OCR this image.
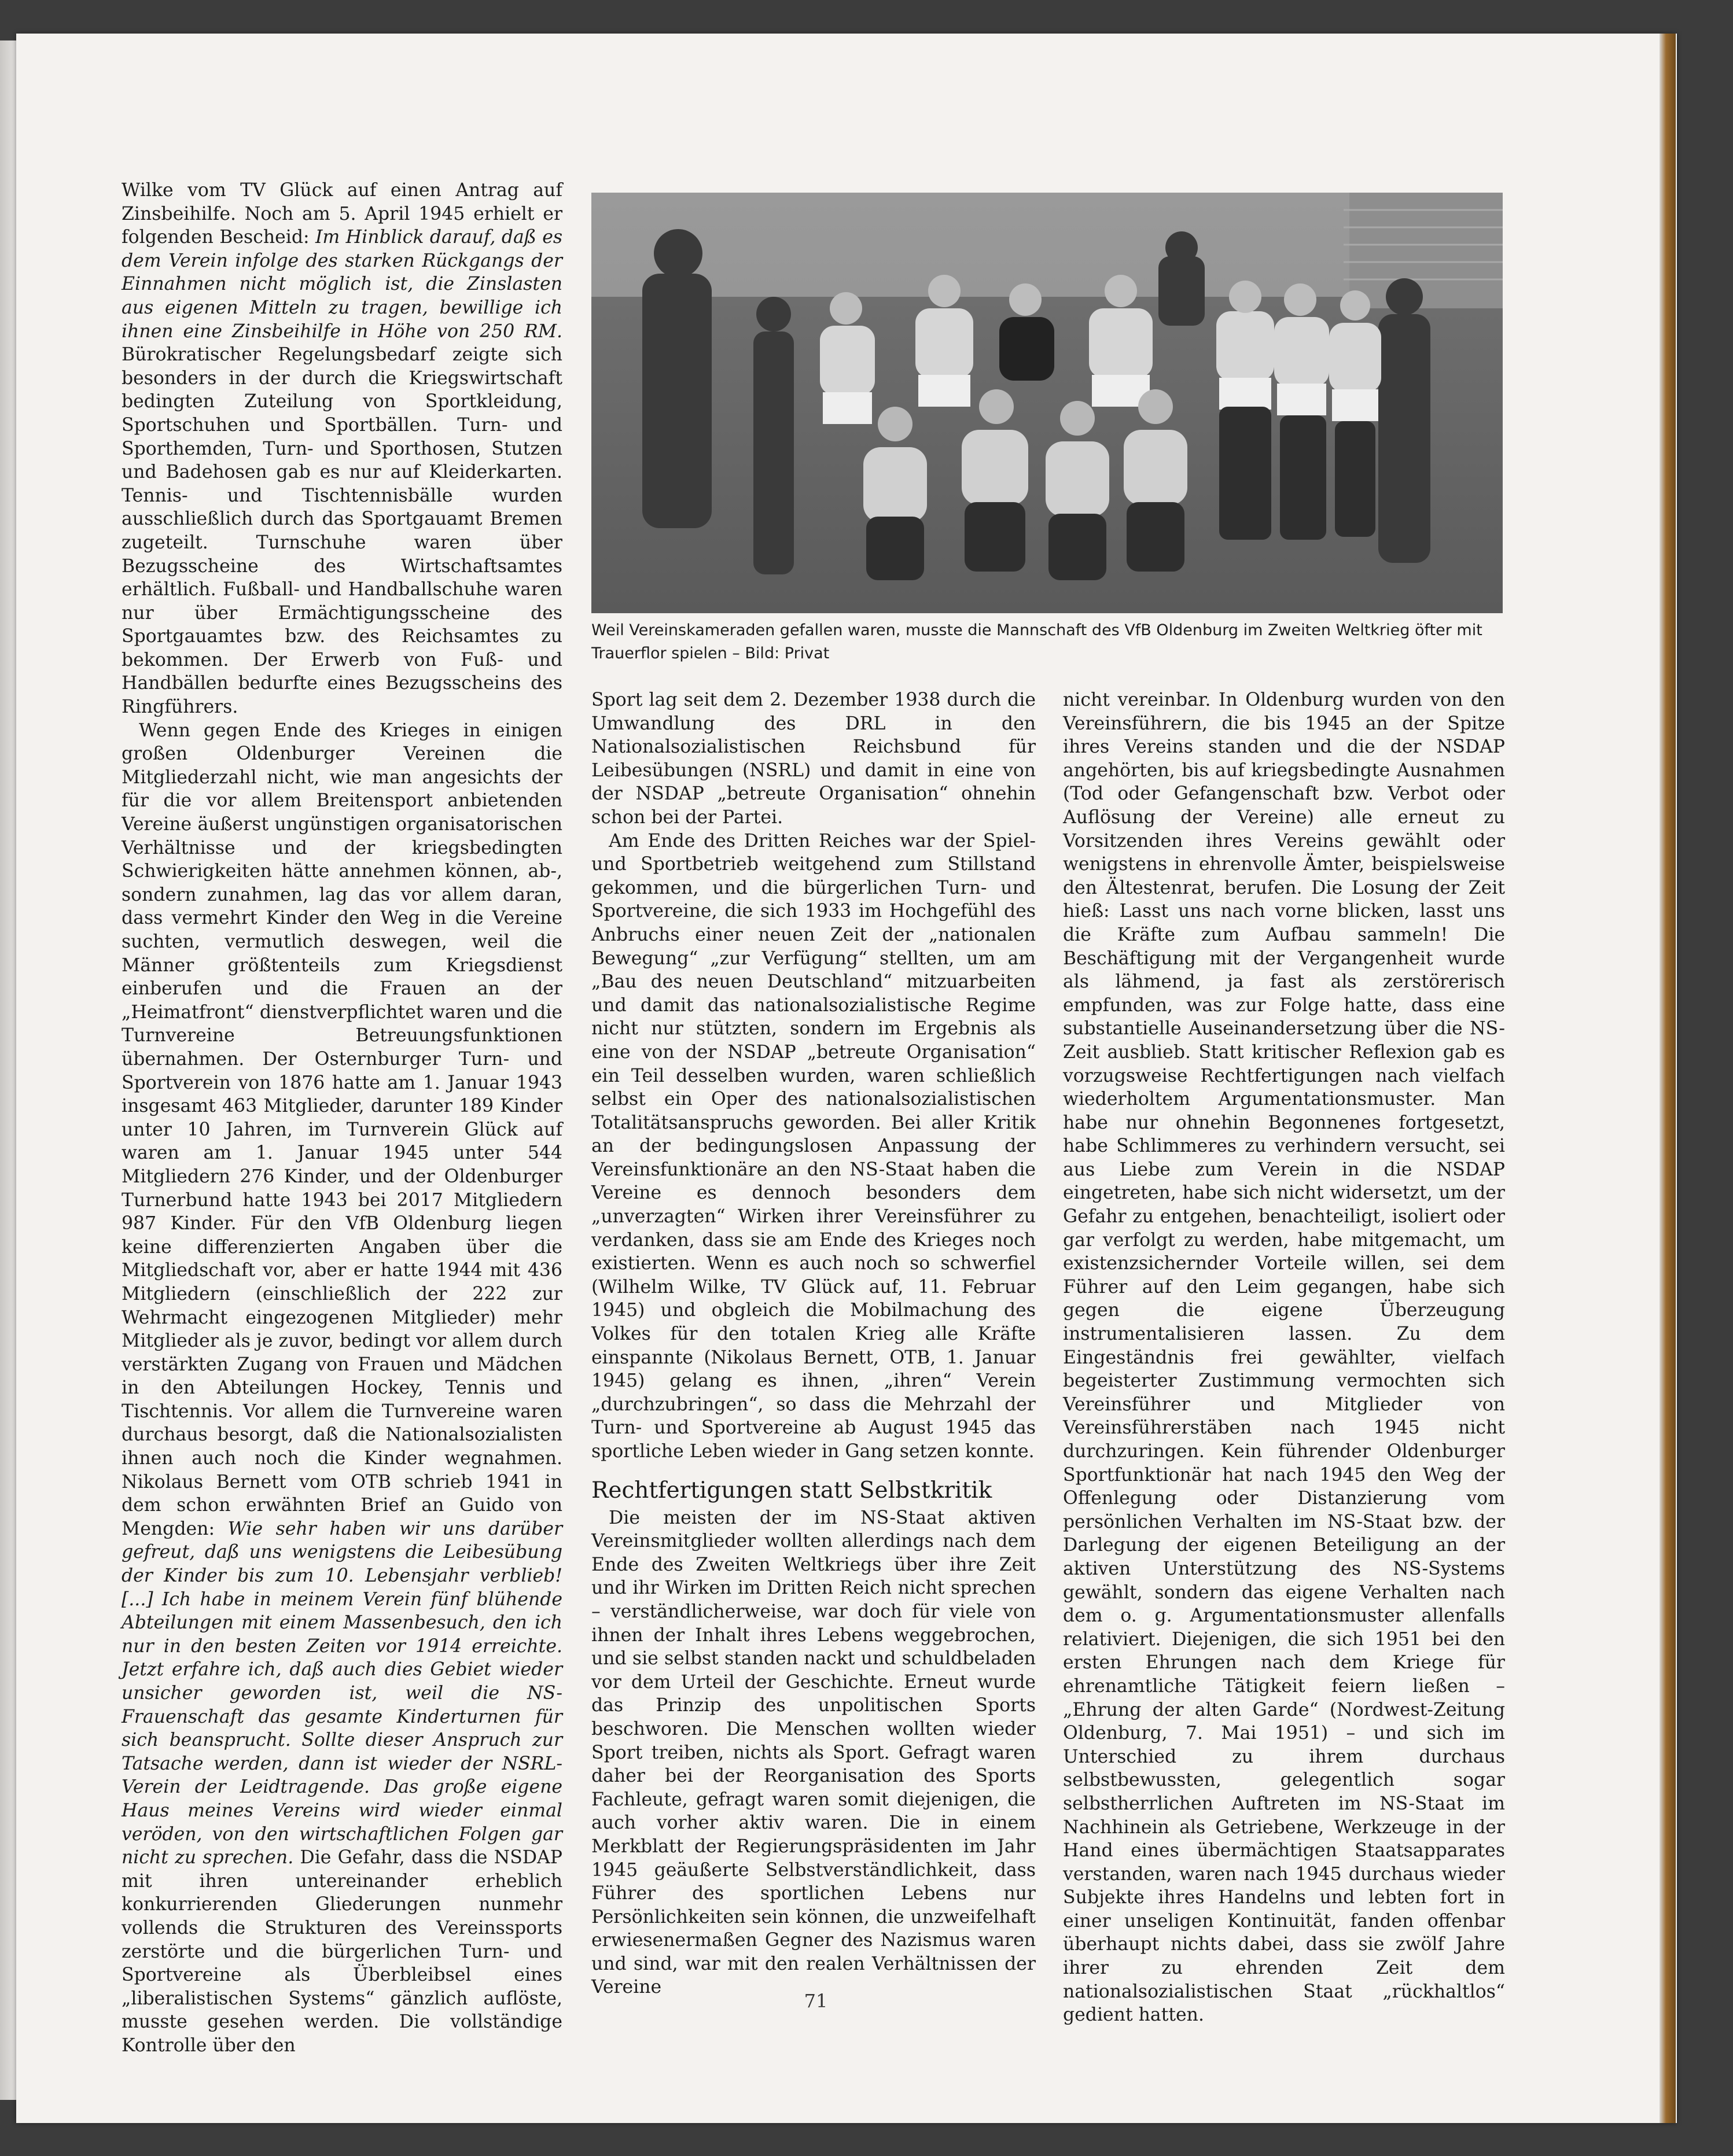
Wilke vom TV Glück auf einen Antrag auf Zinsbeihilfe. Noch am 5. April 1945 erhielt er folgenden Bescheid: Im Hinblick darauf, daß es dem Verein infolge des starken Rückgangs der Einnahmen nicht möglich ist, die Zinslasten aus eigenen Mitteln zu tragen, bewillige ich ihnen eine Zinsbeihilfe in Höhe von 250 RM. Bürokratischer Regelungsbedarf zeigte sich besonders in der durch die Kriegswirtschaft bedingten Zuteilung von Sportkleidung, Sportschuhen und Sportbällen. Turn- und Sporthemden, Turn- und Sporthosen, Stutzen und Badehosen gab es nur auf Kleiderkarten. Tennis- und Tischtennisbälle wurden ausschließlich durch das Sportgauamt Bremen zugeteilt. Turnschuhe waren über Bezugsscheine des Wirtschaftsamtes erhältlich. Fußball- und Handballschuhe waren nur über Ermächtigungsscheine des Sportgauamtes bzw. des Reichsamtes zu bekommen. Der Erwerb von Fuß- und Handbällen bedurfte eines Bezugsscheins des Ringführers.

Wenn gegen Ende des Krieges in einigen großen Oldenburger Vereinen die Mitgliederzahl nicht, wie man angesichts der für die vor allem Breitensport anbietenden Vereine äußerst ungünstigen organisatorischen Verhältnisse und der kriegsbedingten Schwierigkeiten hätte annehmen können, ab-, sondern zunahmen, lag das vor allem daran, dass vermehrt Kinder den Weg in die Vereine suchten, vermutlich deswegen, weil die Männer größtenteils zum Kriegsdienst einberufen und die Frauen an der „Heimatfront“ dienstverpflichtet waren und die Turnvereine Betreuungsfunktionen übernahmen. Der Osternburger Turn- und Sportverein von 1876 hatte am 1. Januar 1943 insgesamt 463 Mitglieder, darunter 189 Kinder unter 10 Jahren, im Turnverein Glück auf waren am 1. Januar 1945 unter 544 Mitgliedern 276 Kinder, und der Oldenburger Turnerbund hatte 1943 bei 2017 Mitgliedern 987 Kinder. Für den VfB Oldenburg liegen keine differenzierten Angaben über die Mitgliedschaft vor, aber er hatte 1944 mit 436 Mitgliedern (einschließlich der 222 zur Wehrmacht eingezogenen Mitglieder) mehr Mitglieder als je zuvor, bedingt vor allem durch verstärkten Zugang von Frauen und Mädchen in den Abteilungen Hockey, Tennis und Tischtennis. Vor allem die Turnvereine waren durchaus besorgt, daß die Nationalsozialisten ihnen auch noch die Kinder wegnahmen. Nikolaus Bernett vom OTB schrieb 1941 in dem schon erwähnten Brief an Guido von Mengden: Wie sehr haben wir uns darüber gefreut, daß uns wenigstens die Leibesübung der Kinder bis zum 10. Lebensjahr verblieb! [...] Ich habe in meinem Verein fünf blühende Abteilungen mit einem Massenbesuch, den ich nur in den besten Zeiten vor 1914 erreichte. Jetzt erfahre ich, daß auch dies Gebiet wieder unsicher geworden ist, weil die NS-Frauenschaft das gesamte Kinderturnen für sich beansprucht. Sollte dieser Anspruch zur Tatsache werden, dann ist wieder der NSRL-Verein der Leidtragende. Das große eigene Haus meines Vereins wird wieder einmal veröden, von den wirtschaftlichen Folgen gar nicht zu sprechen. Die Gefahr, dass die NSDAP mit ihren untereinander erheblich konkurrierenden Gliederungen nunmehr vollends die Strukturen des Vereinssports zerstörte und die bürgerlichen Turn- und Sportvereine als Überbleibsel eines „liberalistischen Systems“ gänzlich auflöste, musste gesehen werden. Die vollständige Kontrolle über den

Weil Vereinskameraden gefallen waren, musste die Mannschaft des VfB Oldenburg im Zweiten Weltkrieg öfter mit Trauerflor spielen – Bild: Privat

Sport lag seit dem 2. Dezember 1938 durch die Umwandlung des DRL in den Nationalsozialistischen Reichsbund für Leibesübungen (NSRL) und damit in eine von der NSDAP „betreute Organisation“ ohnehin schon bei der Partei.

Am Ende des Dritten Reiches war der Spiel- und Sportbetrieb weitgehend zum Stillstand gekommen, und die bürgerlichen Turn- und Sportvereine, die sich 1933 im Hochgefühl des Anbruchs einer neuen Zeit der „nationalen Bewegung“ „zur Verfügung“ stellten, um am „Bau des neuen Deutschland“ mitzuarbeiten und damit das nationalsozialistische Regime nicht nur stützten, sondern im Ergebnis als eine von der NSDAP „betreute Organisation“ ein Teil desselben wurden, waren schließlich selbst ein Oper des nationalsozialistischen Totalitätsanspruchs geworden. Bei aller Kritik an der bedingungslosen Anpassung der Vereinsfunktionäre an den NS-Staat haben die Vereine es dennoch besonders dem „unverzagten“ Wirken ihrer Vereinsführer zu verdanken, dass sie am Ende des Krieges noch existierten. Wenn es auch noch so schwerfiel (Wilhelm Wilke, TV Glück auf, 11. Februar 1945) und obgleich die Mobilmachung des Volkes für den totalen Krieg alle Kräfte einspannte (Nikolaus Bernett, OTB, 1. Januar 1945) gelang es ihnen, „ihren“ Verein „durchzubringen“, so dass die Mehrzahl der Turn- und Sportvereine ab August 1945 das sportliche Leben wieder in Gang setzen konnte.

Rechtfertigungen statt Selbstkritik

Die meisten der im NS-Staat aktiven Vereinsmitglieder wollten allerdings nach dem Ende des Zweiten Weltkriegs über ihre Zeit und ihr Wirken im Dritten Reich nicht sprechen – verständlicherweise, war doch für viele von ihnen der Inhalt ihres Lebens weggebrochen, und sie selbst standen nackt und schuldbeladen vor dem Urteil der Geschichte. Erneut wurde das Prinzip des unpolitischen Sports beschworen. Die Menschen wollten wieder Sport treiben, nichts als Sport. Gefragt waren daher bei der Reorganisation des Sports Fachleute, gefragt waren somit diejenigen, die auch vorher aktiv waren. Die in einem Merkblatt der Regierungspräsidenten im Jahr 1945 geäußerte Selbstverständlichkeit, dass Führer des sportlichen Lebens nur Persönlichkeiten sein können, die unzweifelhaft erwiesenermaßen Gegner des Nazismus waren und sind, war mit den realen Verhältnissen der Vereine

nicht vereinbar. In Oldenburg wurden von den Vereinsführern, die bis 1945 an der Spitze ihres Vereins standen und die der NSDAP angehörten, bis auf kriegsbedingte Ausnahmen (Tod oder Gefangenschaft bzw. Verbot oder Auflösung der Vereine) alle erneut zu Vorsitzenden ihres Vereins gewählt oder wenigstens in ehrenvolle Ämter, beispielsweise den Ältestenrat, berufen. Die Losung der Zeit hieß: Lasst uns nach vorne blicken, lasst uns die Kräfte zum Aufbau sammeln! Die Beschäftigung mit der Vergangenheit wurde als lähmend, ja fast als zerstörerisch empfunden, was zur Folge hatte, dass eine substantielle Auseinandersetzung über die NS-Zeit ausblieb. Statt kritischer Reflexion gab es vorzugsweise Rechtfertigungen nach vielfach wiederholtem Argumentationsmuster. Man habe nur ohnehin Begonnenes fortgesetzt, habe Schlimmeres zu verhindern versucht, sei aus Liebe zum Verein in die NSDAP eingetreten, habe sich nicht widersetzt, um der Gefahr zu entgehen, benachteiligt, isoliert oder gar verfolgt zu werden, habe mitgemacht, um existenzsichernder Vorteile willen, sei dem Führer auf den Leim gegangen, habe sich gegen die eigene Überzeugung instrumentalisieren lassen. Zu dem Eingeständnis frei gewählter, vielfach begeisterter Zustimmung vermochten sich Vereinsführer und Mitglieder von Vereinsführerstäben nach 1945 nicht durchzuringen. Kein führender Oldenburger Sportfunktionär hat nach 1945 den Weg der Offenlegung oder Distanzierung vom persönlichen Verhalten im NS-Staat bzw. der Darlegung der eigenen Beteiligung an der aktiven Unterstützung des NS-Systems gewählt, sondern das eigene Verhalten nach dem o. g. Argumentationsmuster allenfalls relativiert. Diejenigen, die sich 1951 bei den ersten Ehrungen nach dem Kriege für ehrenamtliche Tätigkeit feiern ließen – „Ehrung der alten Garde“ (Nordwest-Zeitung Oldenburg, 7. Mai 1951) – und sich im Unterschied zu ihrem durchaus selbstbewussten, gelegentlich sogar selbstherrlichen Auftreten im NS-Staat im Nachhinein als Getriebene, Werkzeuge in der Hand eines übermächtigen Staatsapparates verstanden, waren nach 1945 durchaus wieder Subjekte ihres Handelns und lebten fort in einer unseligen Kontinuität, fanden offenbar überhaupt nichts dabei, dass sie zwölf Jahre ihrer zu ehrenden Zeit dem nationalsozialistischen Staat „rückhaltlos“ gedient hatten.

71
